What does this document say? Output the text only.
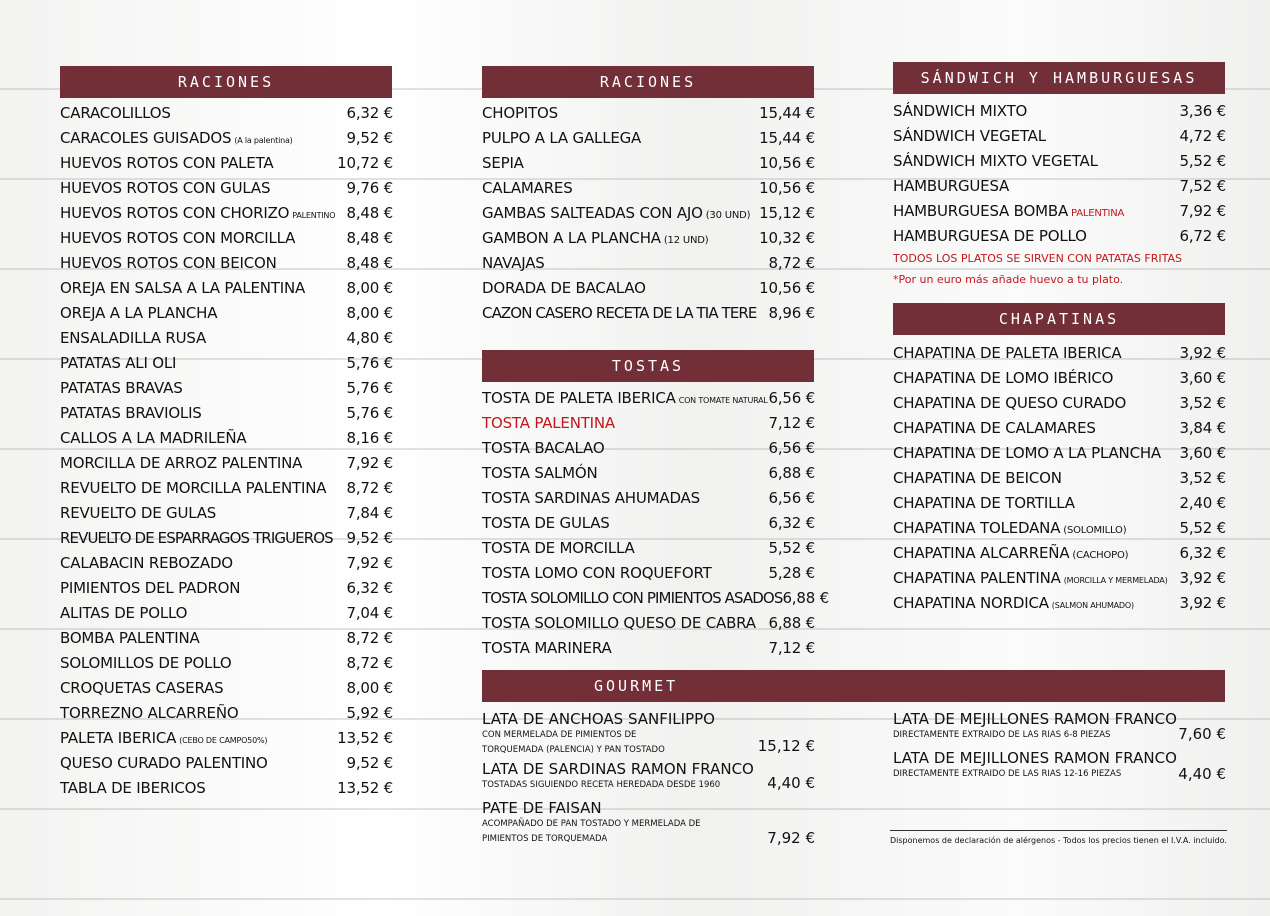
RACIONES
CARACOLILLOS	6,32 €
CARACOLES GUISADOS (A la palentina)	9,52 €
HUEVOS ROTOS CON PALETA	10,72 €
HUEVOS ROTOS CON GULAS	9,76 €
HUEVOS ROTOS CON CHORIZO PALENTINO 8,48 €
HUEVOS ROTOS CON MORCILLA	8,48 €
HUEVOS ROTOS CON BEICON	8,48 €
OREJA EN SALSA A LA PALENTINA	8,00 €
OREJA A LA PLANCHA	8,00 €
ENSALADILLA RUSA	4,80 €
PATATAS ALI OLI	5,76 €
PATATAS BRAVAS	5,76 €
PATATAS BRAVIOLIS	5,76 €
CALLOS A LA MADRILEÑA	8,16 €
MORCILLA DE ARROZ PALENTINA	7,92 €
REVUELTO DE MORCILLA PALENTINA 8,72 €
REVUELTO DE GULAS	7,84 €
REVUELTO DE ESPARRAGOS TRIGUEROS 9,52 €
CALABACIN REBOZADO	7,92 €
PIMIENTOS DEL PADRON	6,32 €
ALITAS DE POLLO	7,04 €
BOMBA PALENTINA	8,72 €
SOLOMILLOS DE POLLO	8,72 €
CROQUETAS CASERAS	8,00 €
TORREZNO ALCARREÑO	5,92 €
PALETA IBERICA (CEBO DE CAMPO50%)	13,52 €
QUESO CURADO PALENTINO	9,52 €
TABLA DE IBERICOS	13,52 €
RACIONES
CHOPITOS	15,44 €
PULPO A LA GALLEGA	15,44 €
SEPIA	10,56 €
CALAMARES	10,56 €
GAMBAS SALTEADAS CON AJO (30 UND) 15,12 €
GAMBON A LA PLANCHA (12 UND)	10,32 €
NAVAJAS	8,72 €
DORADA DE BACALAO	10,56 €
CAZON CASERO RECETA DE LA TIA TERE 8,96 €
TOSTAS
TOSTA DE PALETA IBERICA CON TOMATE NATURAL 6,56 €
TOSTA PALENTINA	7,12 €
TOSTA BACALAO	6,56 €
TOSTA SALMÓN	6,88 €
TOSTA SARDINAS AHUMADAS	6,56 €
TOSTA DE GULAS	6,32 €
TOSTA DE MORCILLA	5,52 €
TOSTA LOMO CON ROQUEFORT	5,28 €
TOSTA SOLOMILLO CON PIMIENTOS ASADOS 6,88 €
TOSTA SOLOMILLO QUESO DE CABRA 6,88 €
TOSTA MARINERA	7,12 €
SÁNDWICH Y HAMBURGUESAS
SÁNDWICH MIXTO	3,36 €
SÁNDWICH VEGETAL	4,72 €
SÁNDWICH MIXTO VEGETAL	5,52 €
HAMBURGUESA	7,52 €
HAMBURGUESA BOMBA PALENTINA	7,92 €
HAMBURGUESA DE POLLO	6,72 €
TODOS LOS PLATOS SE SIRVEN CON PATATAS FRITAS
*Por un euro más añade huevo a tu plato.
CHAPATINAS
CHAPATINA DE PALETA IBERICA	3,92 €
CHAPATINA DE LOMO IBÉRICO	3,60 €
CHAPATINA DE QUESO CURADO	3,52 €
CHAPATINA DE CALAMARES	3,84 €
CHAPATINA DE LOMO A LA PLANCHA 3,60 €
CHAPATINA DE BEICON	3,52 €
CHAPATINA DE TORTILLA	2,40 €
CHAPATINA TOLEDANA (SOLOMILLO)	5,52 €
CHAPATINA ALCARREÑA (CACHOPO)	6,32 €
CHAPATINA PALENTINA (MORCILLA Y MERMELADA) 3,92 €
CHAPATINA NORDICA (SALMON AHUMADO)	3,92 €
GOURMET
LATA DE ANCHOAS SANFILIPPO
CON MERMELADA DE PIMIENTOS DE
TORQUEMADA (PALENCIA) Y PAN TOSTADO	15,12 €
LATA DE SARDINAS RAMON FRANCO
TOSTADAS SIGUIENDO RECETA HEREDADA DESDE 1960	4,40 €
PATE DE FAISAN
ACOMPAÑADO DE PAN TOSTADO Y MERMELADA DE
PIMIENTOS DE TORQUEMADA	7,92 €
LATA DE MEJILLONES RAMON FRANCO
DIRECTAMENTE EXTRAIDO DE LAS RIAS 6-8 PIEZAS	7,60 €
LATA DE MEJILLONES RAMON FRANCO
DIRECTAMENTE EXTRAIDO DE LAS RIAS 12-16 PIEZAS	4,40 €
Disponemos de declaración de alérgenos - Todos los precios tienen el I.V.A. incluido.
